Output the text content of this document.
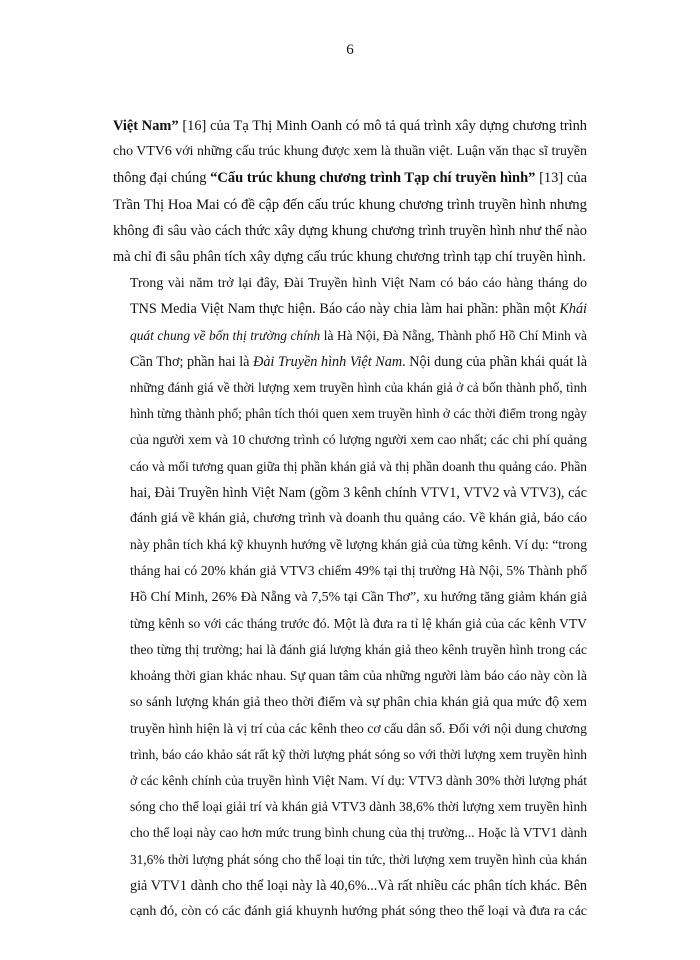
6

Việt Nam” [16] của Tạ Thị Minh Oanh có mô tả quá trình xây dựng chương trình
cho VTV6 với những cấu trúc khung được xem là thuần việt. Luận văn thạc sĩ truyền
thông đại chúng “Cấu trúc khung chương trình Tạp chí truyền hình” [13] của
Trần Thị Hoa Mai có đề cập đến cấu trúc khung chương trình truyền hình nhưng
không đi sâu vào cách thức xây dựng khung chương trình truyền hình như thế nào
mà chỉ đi sâu phân tích xây dựng cấu trúc khung chương trình tạp chí truyền hình.

Trong vài năm trở lại đây, Đài Truyền hình Việt Nam có báo cáo hàng tháng do
TNS Media Việt Nam thực hiện. Báo cáo này chia làm hai phần: phần một Khái
quát chung về bốn thị trường chính là Hà Nội, Đà Nẵng, Thành phố Hồ Chí Minh và
Cần Thơ; phần hai là Đài Truyền hình Việt Nam. Nội dung của phần khái quát là
những đánh giá về thời lượng xem truyền hình của khán giả ở cả bốn thành phố, tình
hình từng thành phố; phân tích thói quen xem truyền hình ở các thời điểm trong ngày
của người xem và 10 chương trình có lượng người xem cao nhất; các chi phí quảng
cáo và mối tương quan giữa thị phần khán giả và thị phần doanh thu quảng cáo. Phần
hai, Đài Truyền hình Việt Nam (gồm 3 kênh chính VTV1, VTV2 và VTV3), các
đánh giá về khán giả, chương trình và doanh thu quảng cáo. Về khán giả, báo cáo
này phân tích khá kỹ khuynh hướng về lượng khán giả của từng kênh. Ví dụ: “trong
tháng hai có 20% khán giả VTV3 chiếm 49% tại thị trường Hà Nội, 5% Thành phố
Hồ Chí Minh, 26% Đà Nẵng và 7,5% tại Cần Thơ”, xu hướng tăng giảm khán giả
từng kênh so với các tháng trước đó. Một là đưa ra tỉ lệ khán giả của các kênh VTV
theo từng thị trường; hai là đánh giá lượng khán giả theo kênh truyền hình trong các
khoảng thời gian khác nhau. Sự quan tâm của những người làm báo cáo này còn là
so sánh lượng khán giả theo thời điểm và sự phân chia khán giả qua mức độ xem
truyền hình hiện là vị trí của các kênh theo cơ cấu dân số. Đối với nội dung chương
trình, báo cáo khảo sát rất kỹ thời lượng phát sóng so với thời lượng xem truyền hình
ở các kênh chính của truyền hình Việt Nam. Ví dụ: VTV3 dành 30% thời lượng phát
sóng cho thể loại giải trí và khán giả VTV3 dành 38,6% thời lượng xem truyền hình
cho thể loại này cao hơn mức trung bình chung của thị trường... Hoặc là VTV1 dành
31,6% thời lượng phát sóng cho thể loại tin tức, thời lượng xem truyền hình của khán
giả VTV1 dành cho thể loại này là 40,6%...Và rất nhiều các phân tích khác. Bên
cạnh đó, còn có các đánh giá khuynh hướng phát sóng theo thể loại và đưa ra các
